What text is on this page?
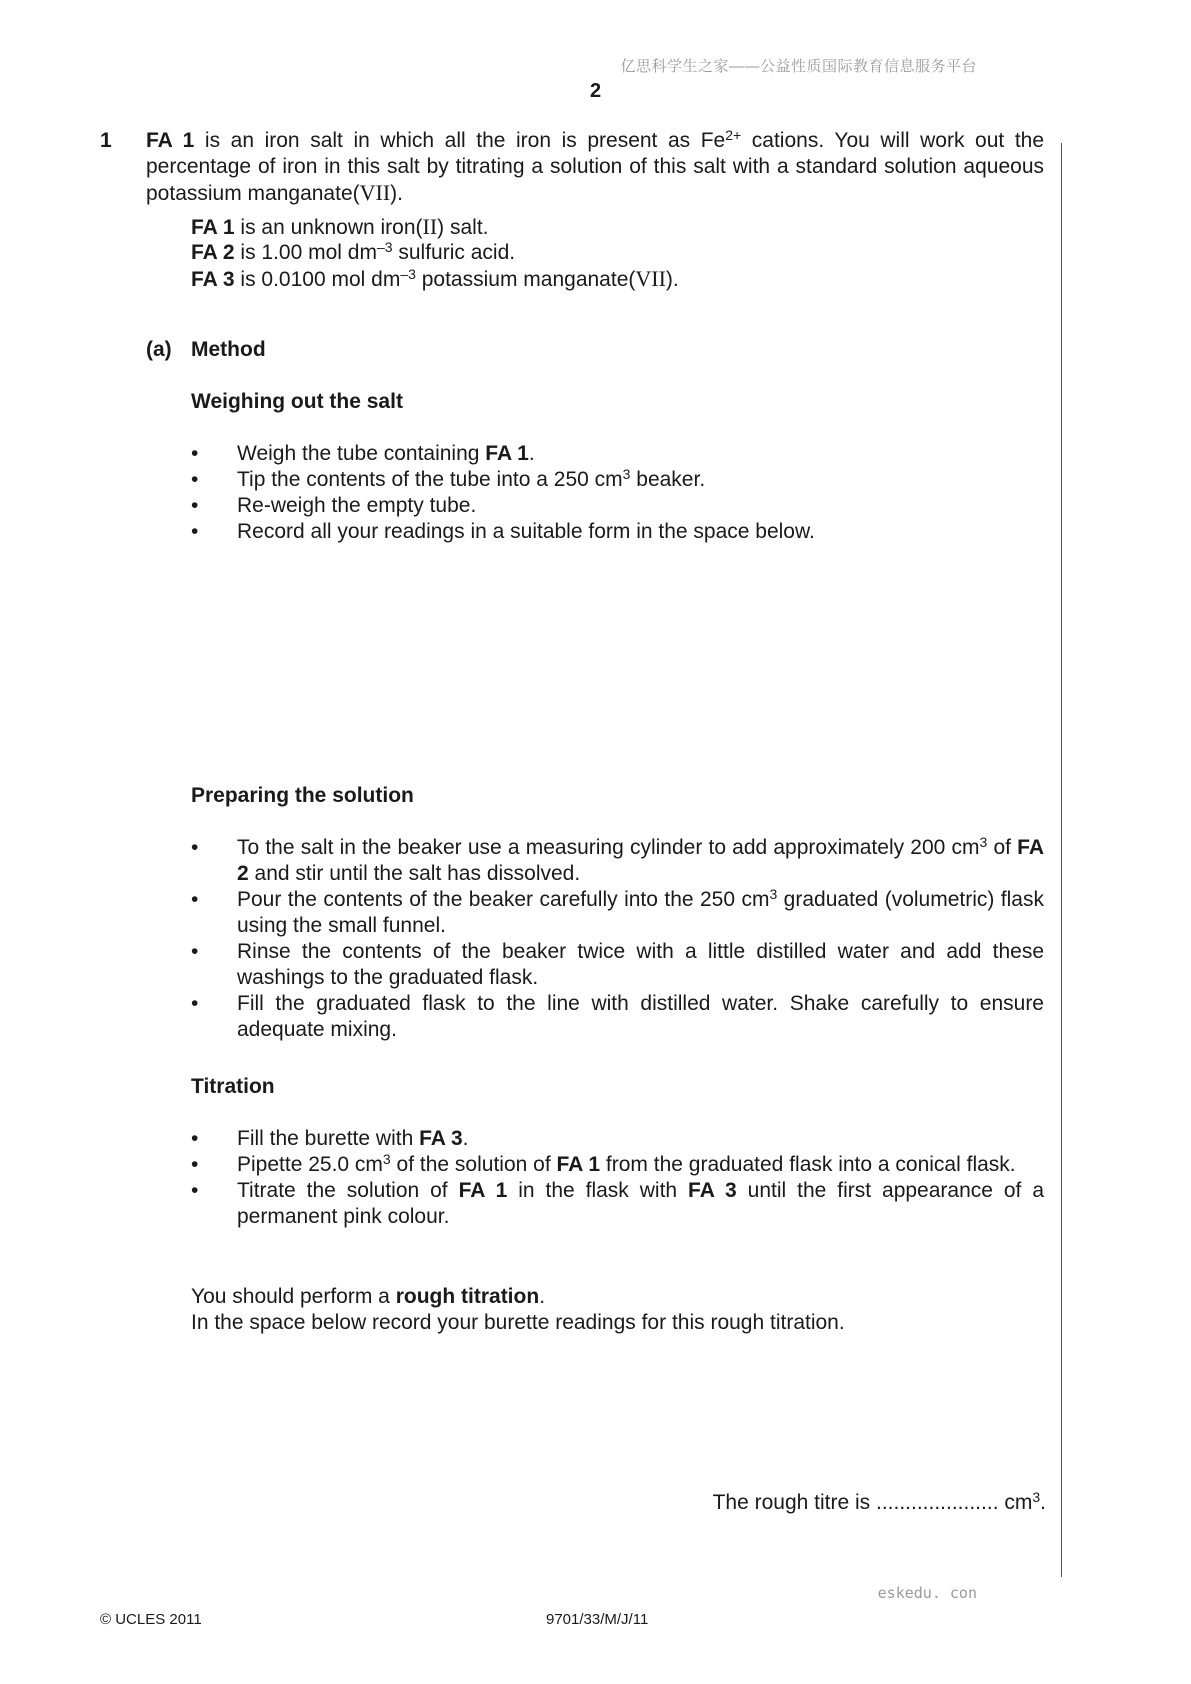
亿思科学生之家——公益性质国际教育信息服务平台
2
1 FA 1 is an iron salt in which all the iron is present as $Fe^{2+}$ cations. You will work out the percentage of iron in this salt by titrating a solution of this salt with a standard solution aqueous potassium manganate(VII).
FA 1 is an unknown iron(II) salt.
FA 2 is 1.00 mol $dm^{-3}$ sulfuric acid.
FA 3 is 0.0100 mol $dm^{-3}$ potassium manganate(VII).
(a) Method
Weighing out the salt
• Weigh the tube containing FA 1.
• Tip the contents of the tube into a 250 $cm^3$ beaker.
• Re-weigh the empty tube.
• Record all your readings in a suitable form in the space below.
Preparing the solution
• To the salt in the beaker use a measuring cylinder to add approximately 200 $cm^3$ of FA 2 and stir until the salt has dissolved.
• Pour the contents of the beaker carefully into the 250 $cm^3$ graduated (volumetric) flask using the small funnel.
• Rinse the contents of the beaker twice with a little distilled water and add these washings to the graduated flask.
• Fill the graduated flask to the line with distilled water. Shake carefully to ensure adequate mixing.
Titration
• Fill the burette with FA 3.
• Pipette 25.0 $cm^3$ of the solution of FA 1 from the graduated flask into a conical flask.
• Titrate the solution of FA 1 in the flask with FA 3 until the first appearance of a permanent pink colour.
You should perform a rough titration.
In the space below record your burette readings for this rough titration.
The rough titre is ..................... $cm^3$.
eskedu. con
© UCLES 2011	9701/33/M/J/11
